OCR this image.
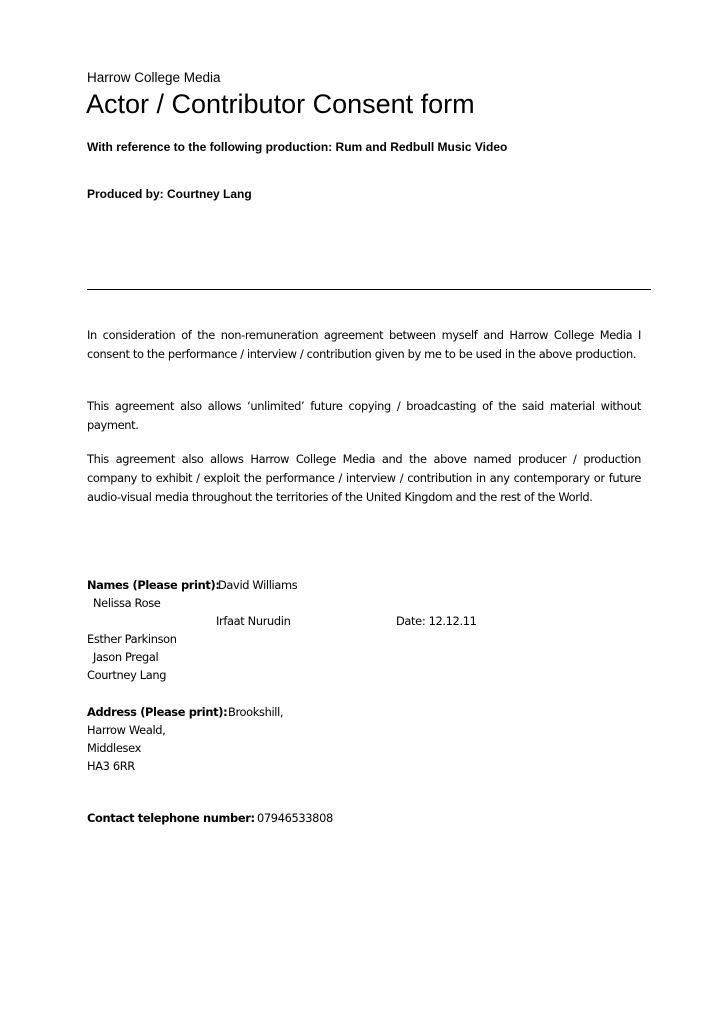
Harrow College Media
Actor / Contributor Consent form
With reference to the following production: Rum and Redbull Music Video
Produced by: Courtney Lang
In consideration of the non-remuneration agreement between myself and Harrow College Media I consent to the performance / interview / contribution given by me to be used in the above production.
This agreement also allows ‘unlimited’ future copying / broadcasting of the said material without payment.
This agreement also allows Harrow College Media and the above named producer / production company to exhibit / exploit the performance / interview / contribution in any contemporary or future audio-visual media throughout the territories of the United Kingdom and the rest of the World.
Names (Please print):
David Williams
Nelissa Rose
Irfaat Nurudin	Date: 12.12.11
Esther Parkinson
Jason Pregal
Courtney Lang
Address (Please print): Brookshill,
Harrow Weald,
Middlesex
HA3 6RR
Contact telephone number: 07946533808
